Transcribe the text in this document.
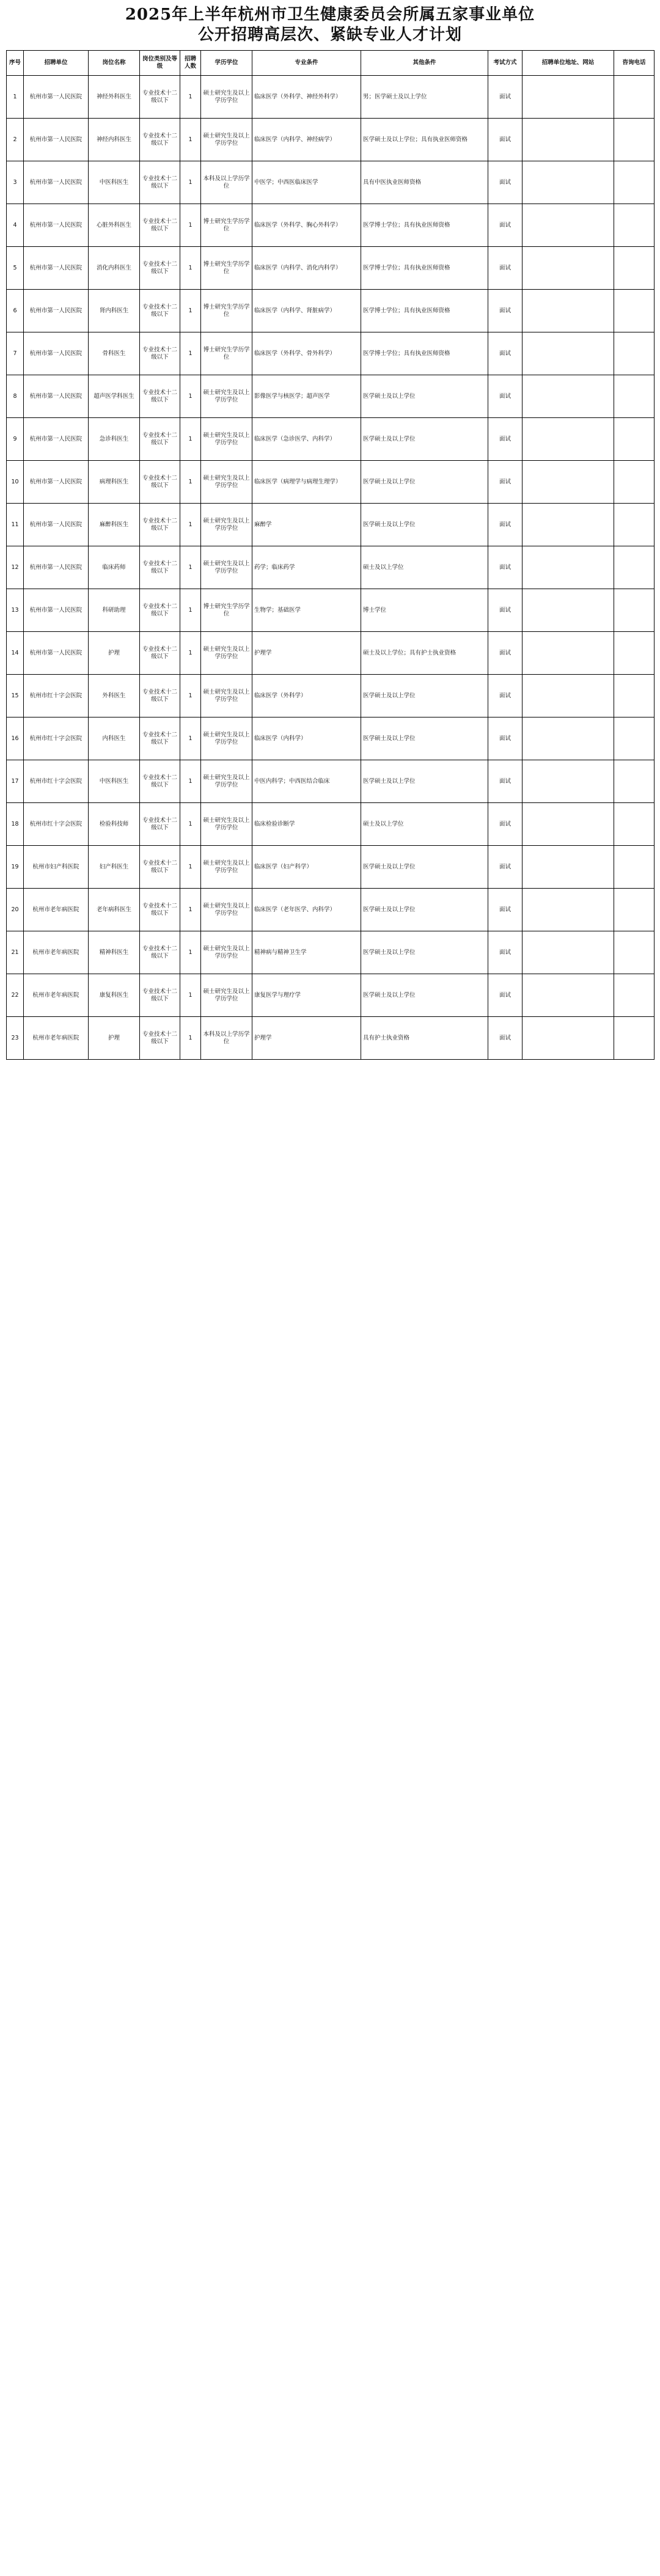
2025年上半年杭州市卫生健康委员会所属五家事业单位
公开招聘高层次、紧缺专业人才计划
序号	招聘单位	岗位名称	岗位类别及等级	招聘人数	学历学位	专业条件	其他条件	考试方式	招聘单位地址、网站	咨询电话
1	杭州市第一人民医院	神经外科医生	专业技术十二级以下	1	硕士研究生及以上学历学位	临床医学（外科学、神经外科学）	男；医学硕士及以上学位	面试		
2	杭州市第一人民医院	神经内科医生	专业技术十二级以下	1	硕士研究生及以上学历学位	临床医学（内科学、神经病学）	医学硕士及以上学位；具有执业医师资格	面试		
3	杭州市第一人民医院	中医科医生	专业技术十二级以下	1	本科及以上学历学位	中医学；中西医临床医学	具有中医执业医师资格	面试		
4	杭州市第一人民医院	心脏外科医生	专业技术十二级以下	1	博士研究生学历学位	临床医学（外科学、胸心外科学）	医学博士学位；具有执业医师资格	面试		
5	杭州市第一人民医院	消化内科医生	专业技术十二级以下	1	博士研究生学历学位	临床医学（内科学、消化内科学）	医学博士学位；具有执业医师资格	面试		
6	杭州市第一人民医院	肾内科医生	专业技术十二级以下	1	博士研究生学历学位	临床医学（内科学、肾脏病学）	医学博士学位；具有执业医师资格	面试		
7	杭州市第一人民医院	骨科医生	专业技术十二级以下	1	博士研究生学历学位	临床医学（外科学、骨外科学）	医学博士学位；具有执业医师资格	面试		
8	杭州市第一人民医院	超声医学科医生	专业技术十二级以下	1	硕士研究生及以上学历学位	影像医学与核医学；超声医学	医学硕士及以上学位	面试		
9	杭州市第一人民医院	急诊科医生	专业技术十二级以下	1	硕士研究生及以上学历学位	临床医学（急诊医学、内科学）	医学硕士及以上学位	面试		
10	杭州市第一人民医院	病理科医生	专业技术十二级以下	1	硕士研究生及以上学历学位	临床医学（病理学与病理生理学）	医学硕士及以上学位	面试		
11	杭州市第一人民医院	麻醉科医生	专业技术十二级以下	1	硕士研究生及以上学历学位	麻醉学	医学硕士及以上学位	面试		
12	杭州市第一人民医院	临床药师	专业技术十二级以下	1	硕士研究生及以上学历学位	药学；临床药学	硕士及以上学位	面试		
13	杭州市第一人民医院	科研助理	专业技术十二级以下	1	博士研究生学历学位	生物学；基础医学	博士学位	面试		
14	杭州市第一人民医院	护理	专业技术十二级以下	1	硕士研究生及以上学历学位	护理学	硕士及以上学位；具有护士执业资格	面试		
15	杭州市红十字会医院	外科医生	专业技术十二级以下	1	硕士研究生及以上学历学位	临床医学（外科学）	医学硕士及以上学位	面试		
16	杭州市红十字会医院	内科医生	专业技术十二级以下	1	硕士研究生及以上学历学位	临床医学（内科学）	医学硕士及以上学位	面试		
17	杭州市红十字会医院	中医科医生	专业技术十二级以下	1	硕士研究生及以上学历学位	中医内科学；中西医结合临床	医学硕士及以上学位	面试		
18	杭州市红十字会医院	检验科技师	专业技术十二级以下	1	硕士研究生及以上学历学位	临床检验诊断学	硕士及以上学位	面试		
19	杭州市妇产科医院	妇产科医生	专业技术十二级以下	1	硕士研究生及以上学历学位	临床医学（妇产科学）	医学硕士及以上学位	面试		
20	杭州市老年病医院	老年病科医生	专业技术十二级以下	1	硕士研究生及以上学历学位	临床医学（老年医学、内科学）	医学硕士及以上学位	面试		
21	杭州市老年病医院	精神科医生	专业技术十二级以下	1	硕士研究生及以上学历学位	精神病与精神卫生学	医学硕士及以上学位	面试		
22	杭州市老年病医院	康复科医生	专业技术十二级以下	1	硕士研究生及以上学历学位	康复医学与理疗学	医学硕士及以上学位	面试		
23	杭州市老年病医院	护理	专业技术十二级以下	1	本科及以上学历学位	护理学	具有护士执业资格	面试		
